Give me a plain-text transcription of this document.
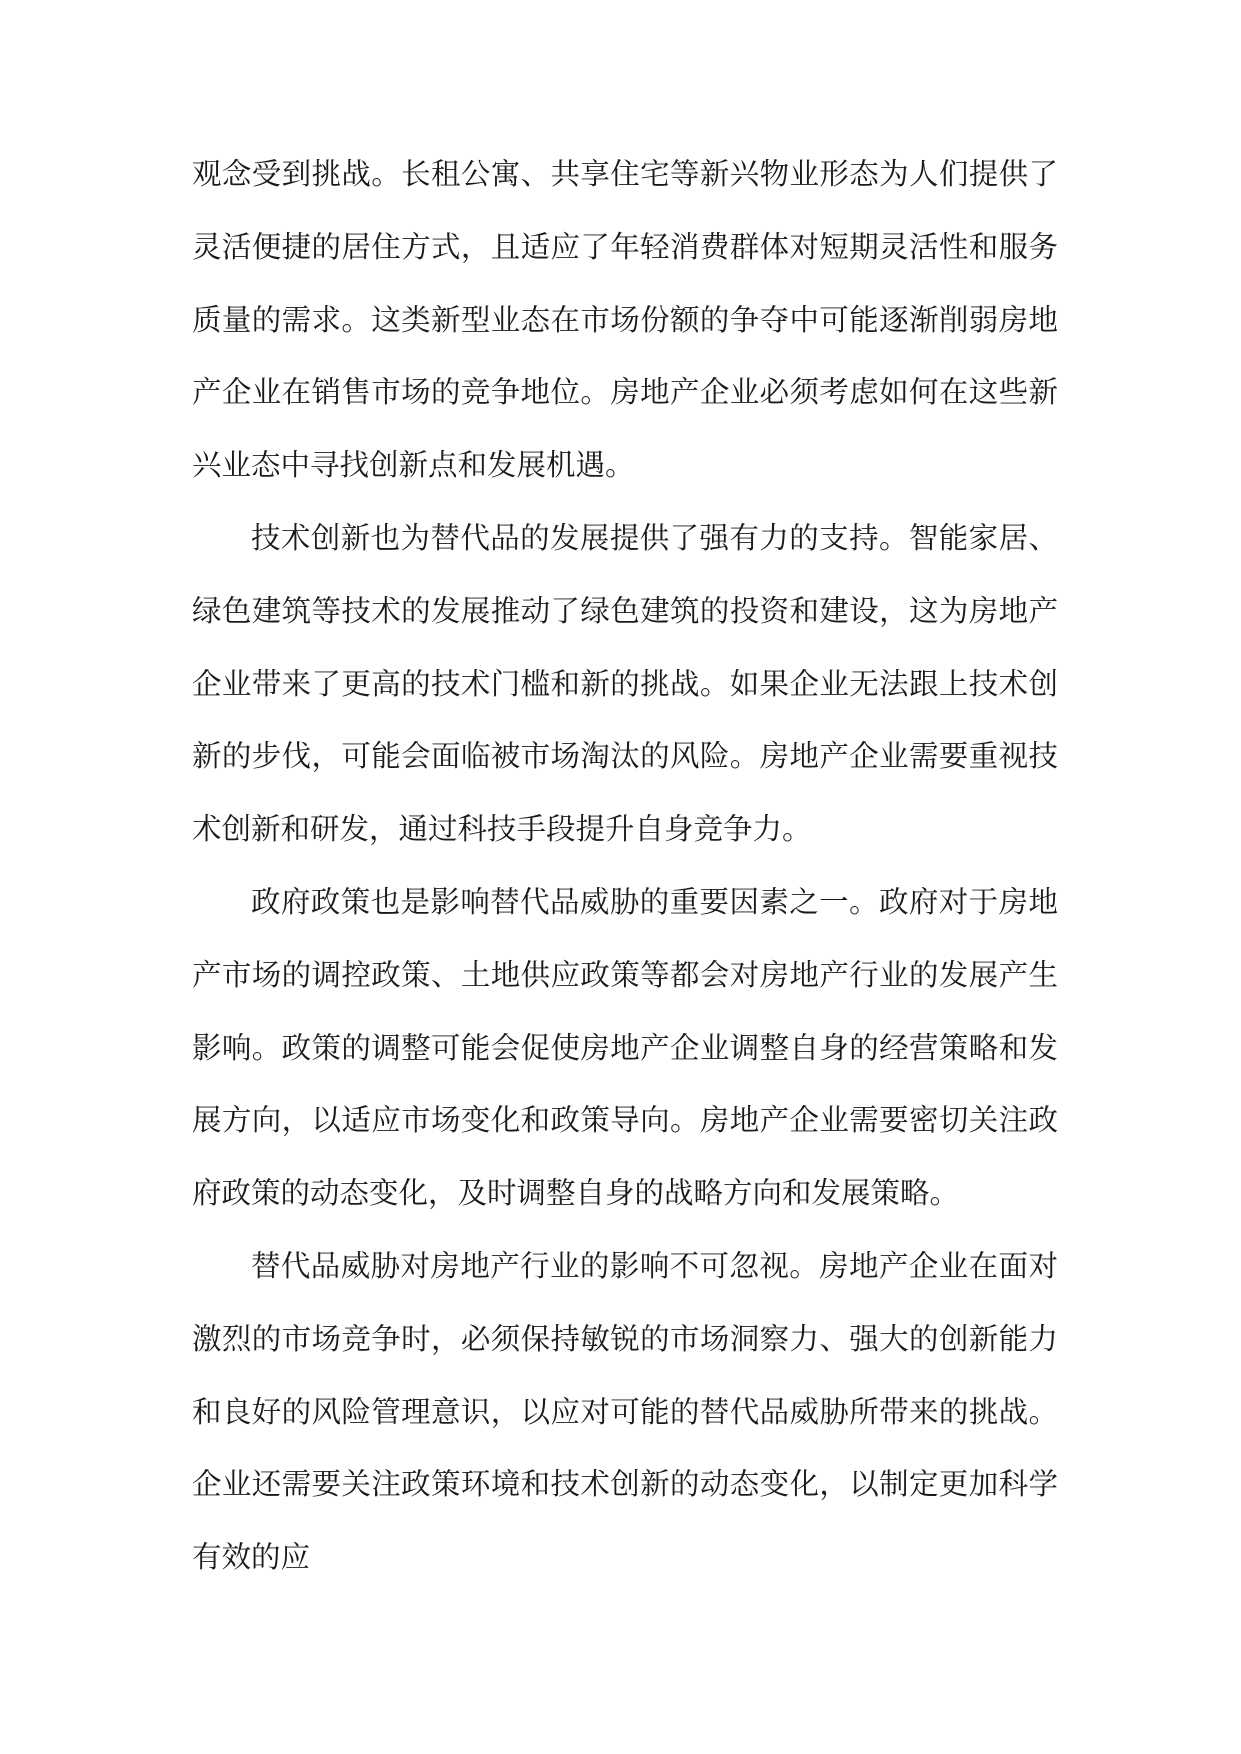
观念受到挑战。长租公寓、共享住宅等新兴物业形态为人们提供了灵活便捷的居住方式，且适应了年轻消费群体对短期灵活性和服务质量的需求。这类新型业态在市场份额的争夺中可能逐渐削弱房地产企业在销售市场的竞争地位。房地产企业必须考虑如何在这些新兴业态中寻找创新点和发展机遇。

技术创新也为替代品的发展提供了强有力的支持。智能家居、绿色建筑等技术的发展推动了绿色建筑的投资和建设，这为房地产企业带来了更高的技术门槛和新的挑战。如果企业无法跟上技术创新的步伐，可能会面临被市场淘汰的风险。房地产企业需要重视技术创新和研发，通过科技手段提升自身竞争力。

政府政策也是影响替代品威胁的重要因素之一。政府对于房地产市场的调控政策、土地供应政策等都会对房地产行业的发展产生影响。政策的调整可能会促使房地产企业调整自身的经营策略和发展方向，以适应市场变化和政策导向。房地产企业需要密切关注政府政策的动态变化，及时调整自身的战略方向和发展策略。

替代品威胁对房地产行业的影响不可忽视。房地产企业在面对激烈的市场竞争时，必须保持敏锐的市场洞察力、强大的创新能力和良好的风险管理意识，以应对可能的替代品威胁所带来的挑战。企业还需要关注政策环境和技术创新的动态变化，以制定更加科学有效的应
